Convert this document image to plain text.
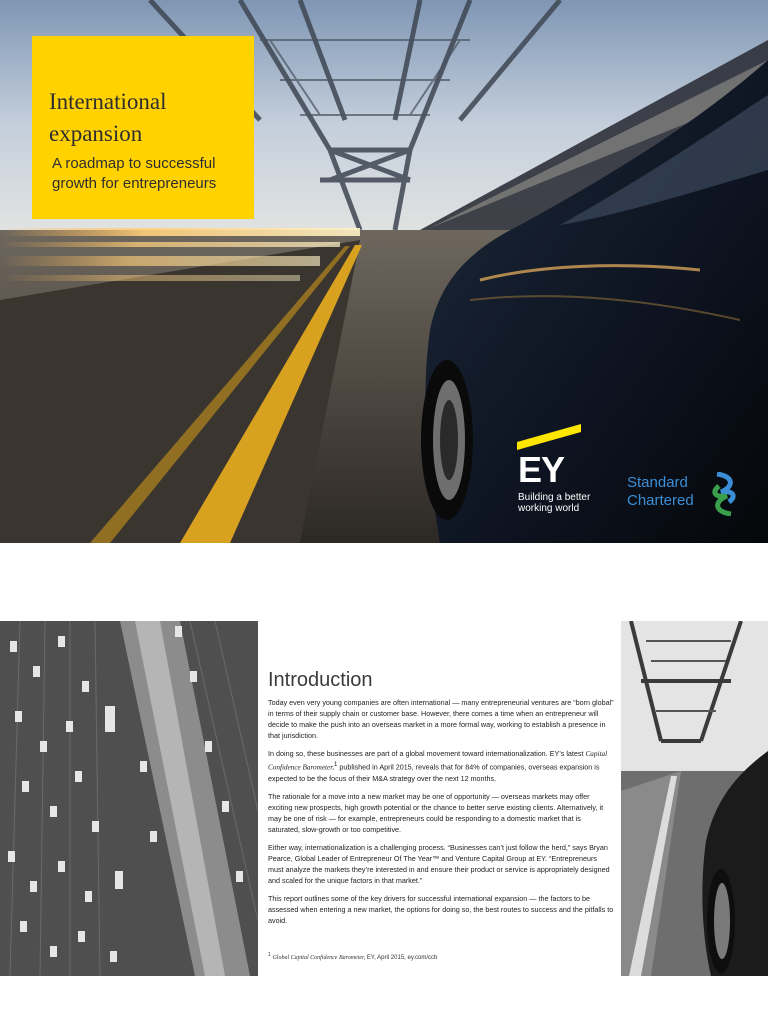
International expansion
A roadmap to successful growth for entrepreneurs
EY
Building a better working world
Standard
Chartered
Introduction

Today even very young companies are often international — many entrepreneurial ventures are “born global” in terms of their supply chain or customer base. However, there comes a time when an entrepreneur will decide to make the push into an overseas market in a more formal way, working to establish a presence in that jurisdiction.

In doing so, these businesses are part of a global movement toward internationalization. EY’s latest Capital Confidence Barometer,$^1$ published in April 2015, reveals that for 84% of companies, overseas expansion is expected to be the focus of their M&A strategy over the next 12 months.

The rationale for a move into a new market may be one of opportunity — overseas markets may offer exciting new prospects, high growth potential or the chance to better serve existing clients. Alternatively, it may be one of risk — for example, entrepreneurs could be responding to a domestic market that is saturated, slow-growth or too competitive.

Either way, internationalization is a challenging process. “Businesses can’t just follow the herd,” says Bryan Pearce, Global Leader of Entrepreneur Of The Year™ and Venture Capital Group at EY. “Entrepreneurs must analyze the markets they’re interested in and ensure their product or service is appropriately designed and scaled for the unique factors in that market.”

This report outlines some of the key drivers for successful international expansion — the factors to be assessed when entering a new market, the options for doing so, the best routes to success and the pitfalls to avoid.

$^1$ Global Capital Confidence Barometer, EY, April 2015, ey.com/ccb
